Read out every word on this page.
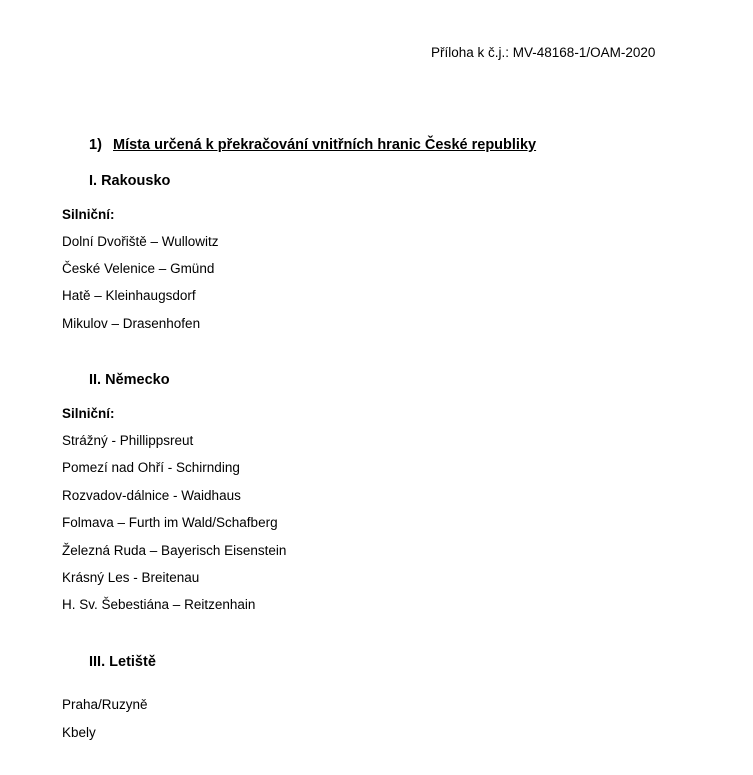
Příloha k č.j.: MV-48168-1/OAM-2020
1) Místa určená k překračování vnitřních hranic České republiky
I. Rakousko
Silniční:
Dolní Dvořiště – Wullowitz
České Velenice – Gmünd
Hatě – Kleinhaugsdorf
Mikulov – Drasenhofen
II. Německo
Silniční:
Strážný - Phillippsreut
Pomezí nad Ohří - Schirnding
Rozvadov-dálnice - Waidhaus
Folmava – Furth im Wald/Schafberg
Železná Ruda – Bayerisch Eisenstein
Krásný Les - Breitenau
H. Sv. Šebestiána – Reitzenhain
III. Letiště
Praha/Ruzyně
Kbely
